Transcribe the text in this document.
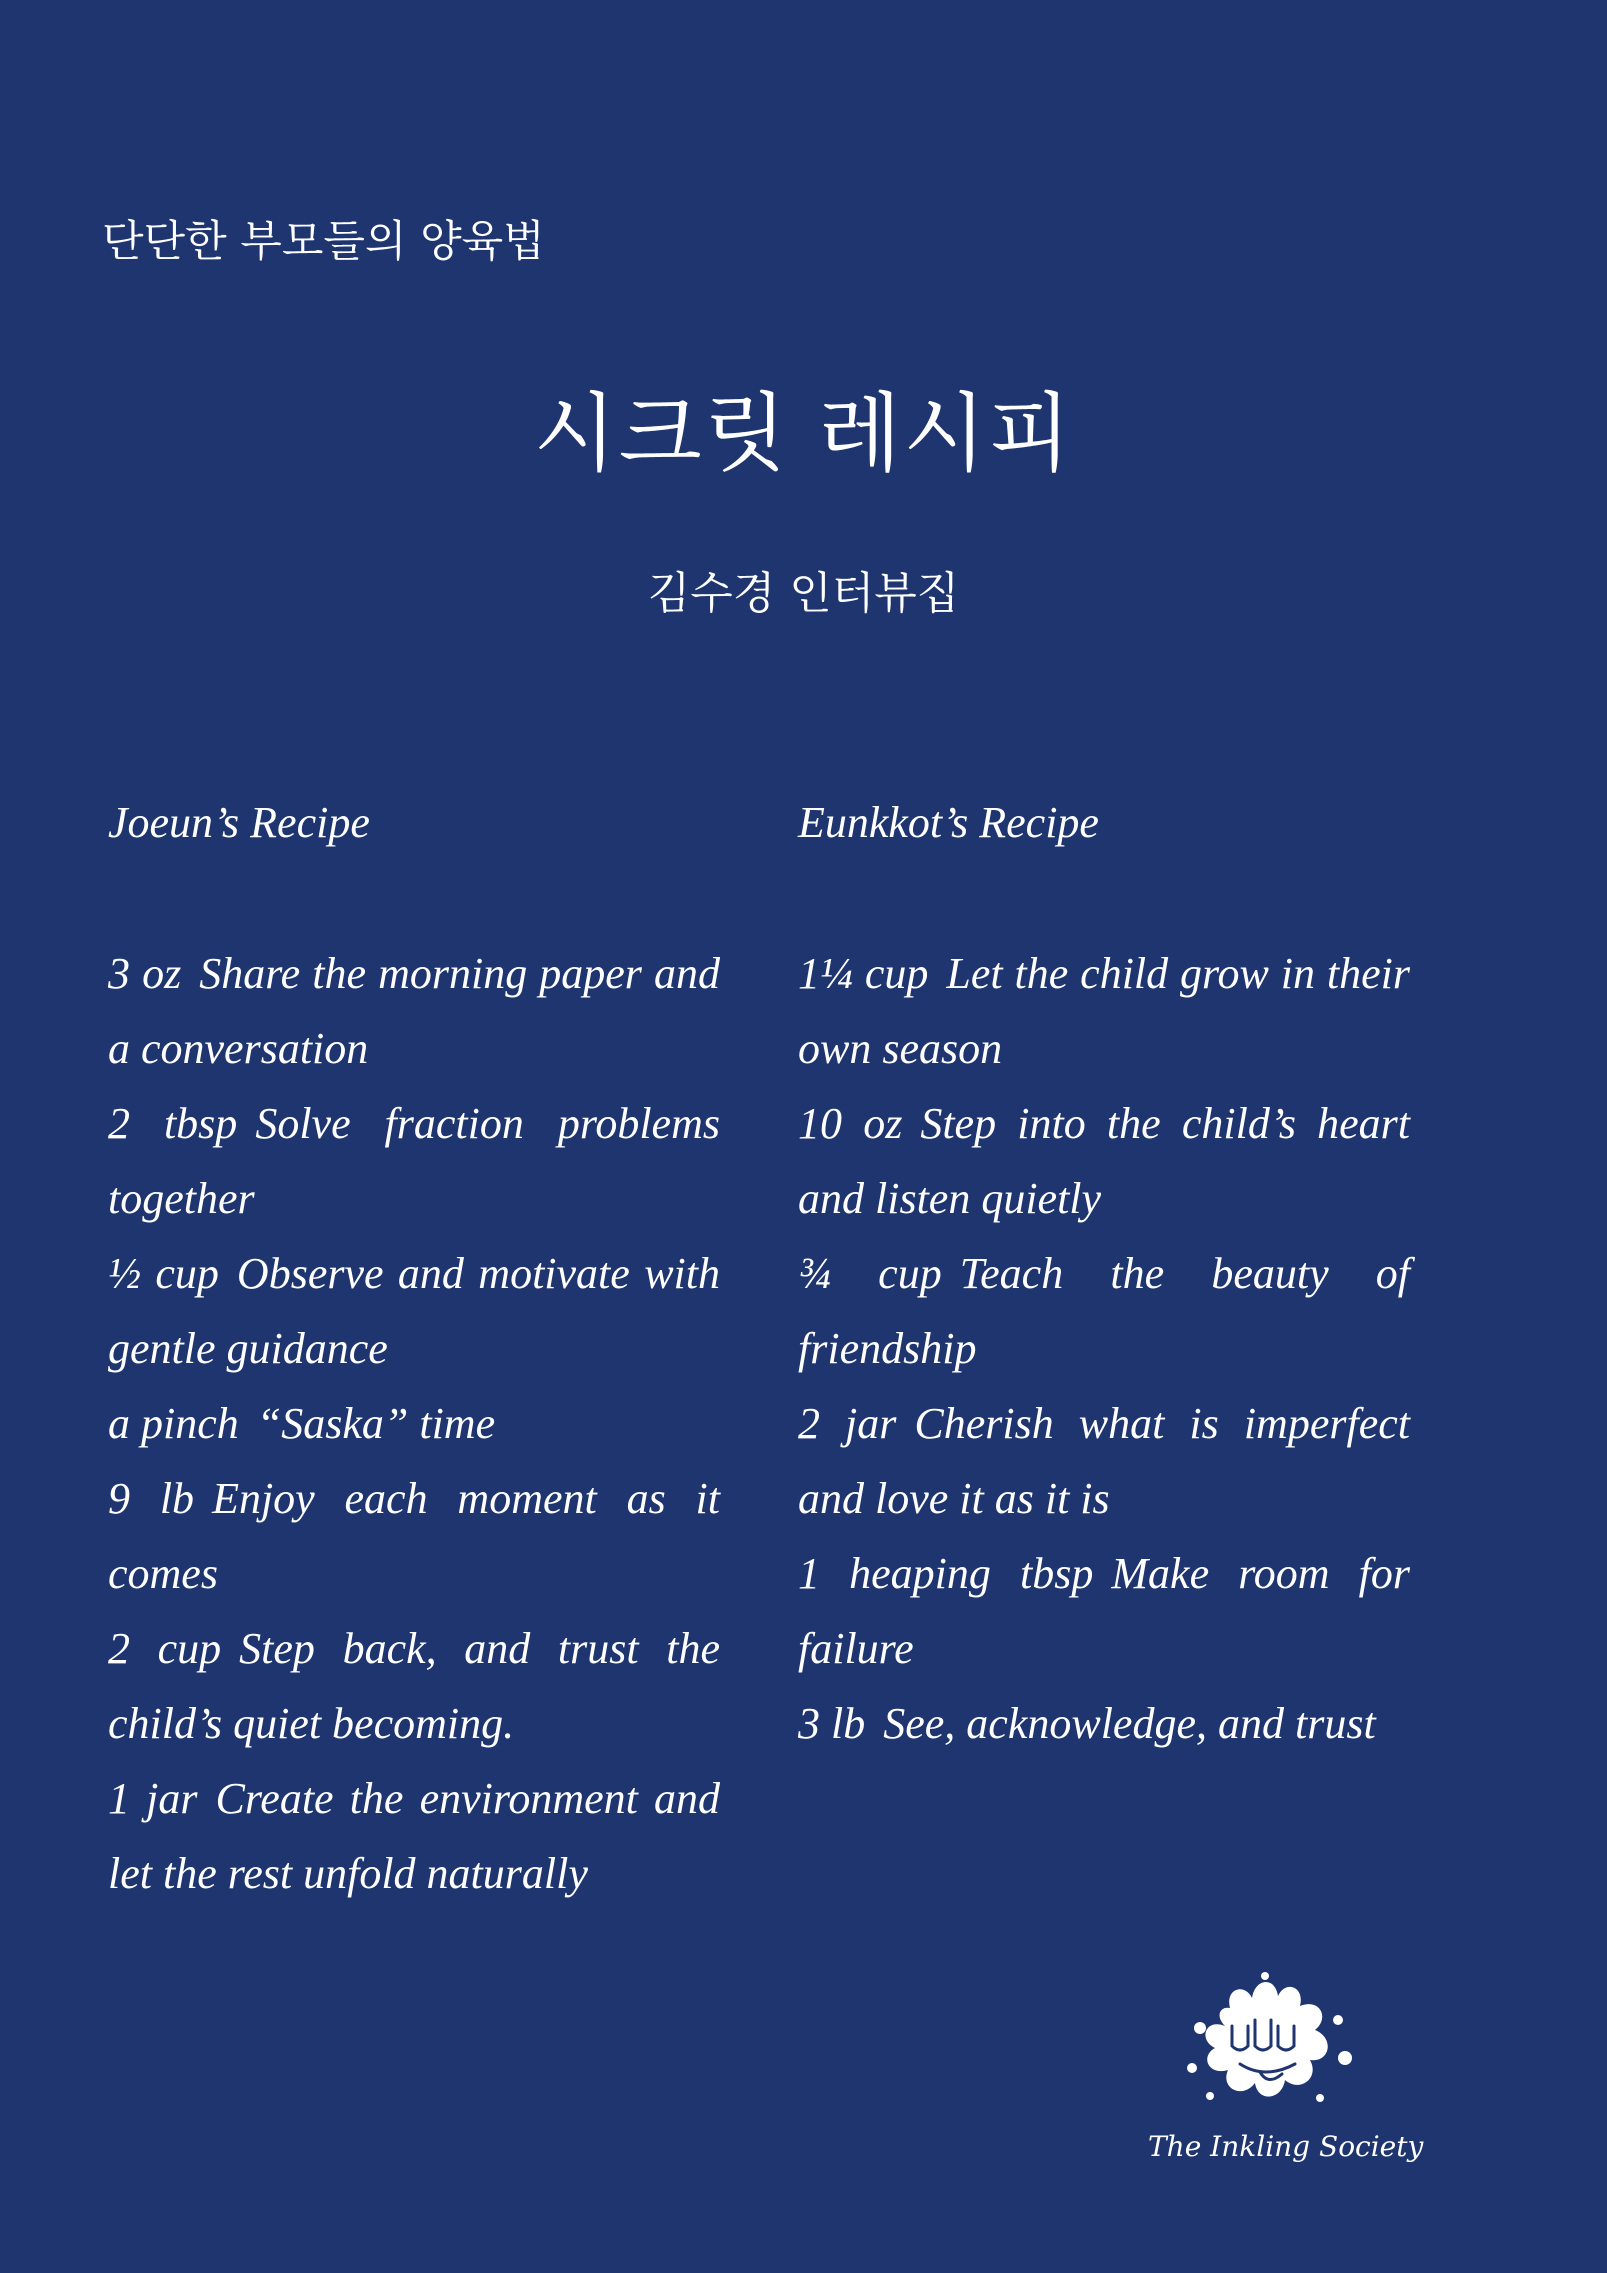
단단한 부모들의 양육법
시크릿 레시피
김수경 인터뷰집
Joeun’s Recipe
3 oz Share the morning paper and a conversation
2 tbsp Solve fraction problems together
½ cup Observe and motivate with gentle guidance
a pinch “Saska” time
9 lb Enjoy each moment as it comes
2 cup Step back, and trust the child’s quiet becoming.
1 jar Create the environment and let the rest unfold naturally
Eunkkot’s Recipe
1¼ cup Let the child grow in their own season
10 oz Step into the child’s heart and listen quietly
¾ cup Teach the beauty of friendship
2 jar Cherish what is imperfect and love it as it is
1 heaping tbsp Make room for failure
3 lb See, acknowledge, and trust
The Inkling Society
